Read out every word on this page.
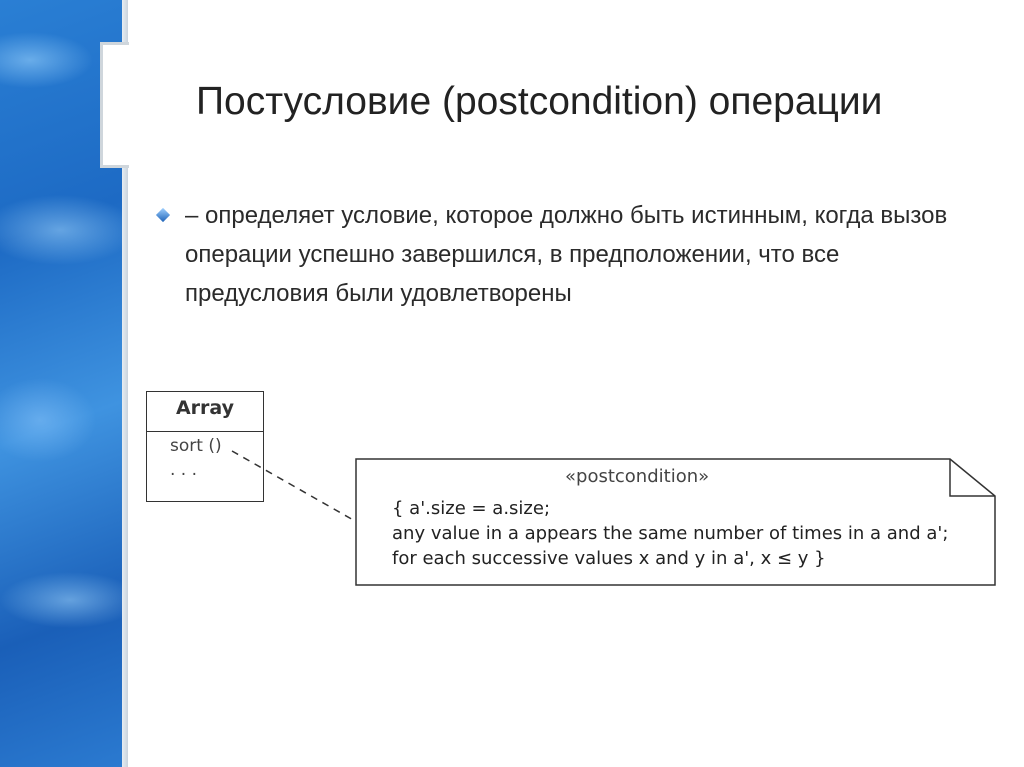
Постусловие (postcondition) операции
– определяет условие, которое должно быть истинным, когда вызов операции успешно завершился, в предположении, что все предусловия были удовлетворены
Array
sort ()
. . .	«postcondition»
{ a'.size = a.size;
any value in a appears the same number of times in a and a';
for each successive values x and y in a', x ≤ y }
